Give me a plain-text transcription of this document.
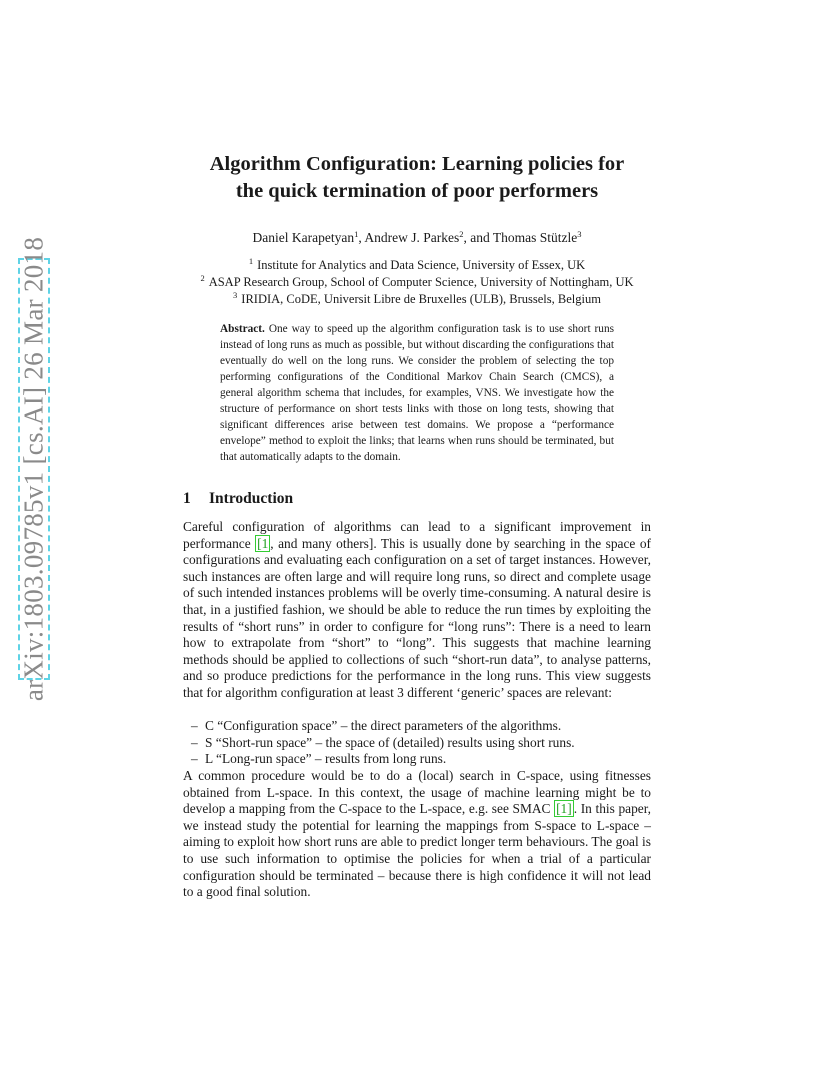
arXiv:1803.09785v1 [cs.AI] 26 Mar 2018
Algorithm Configuration: Learning policies for
the quick termination of poor performers
Daniel Karapetyan$^1$, Andrew J. Parkes$^2$, and Thomas Stützle$^3$
$^1$ Institute for Analytics and Data Science, University of Essex, UK
$^2$ ASAP Research Group, School of Computer Science, University of Nottingham, UK
$^3$ IRIDIA, CoDE, Universit Libre de Bruxelles (ULB), Brussels, Belgium
Abstract. One way to speed up the algorithm configuration task is to use short runs instead of long runs as much as possible, but without discarding the configurations that eventually do well on the long runs. We consider the problem of selecting the top performing configurations of the Conditional Markov Chain Search (CMCS), a general algorithm schema that includes, for examples, VNS. We investigate how the structure of performance on short tests links with those on long tests, showing that significant differences arise between test domains. We propose a “performance envelope” method to exploit the links; that learns when runs should be terminated, but that automatically adapts to the domain.
1 Introduction
Careful configuration of algorithms can lead to a significant improvement in performance [1 , and many others]. This is usually done by searching in the space of configurations and evaluating each configuration on a set of target instances. However, such instances are often large and will require long runs, so direct and complete usage of such intended instances problems will be overly time-consuming. A natural desire is that, in a justified fashion, we should be able to reduce the run times by exploiting the results of “short runs” in order to configure for “long runs”: There is a need to learn how to extrapolate from “short” to “long”. This suggests that machine learning methods should be applied to collections of such “short-run data”, to analyse patterns, and so produce predictions for the performance in the long runs. This view suggests that for algorithm configuration at least 3 different ‘generic’ spaces are relevant:
– C “Configuration space” – the direct parameters of the algorithms.
– S “Short-run space” – the space of (detailed) results using short runs.
– L “Long-run space” – results from long runs.
A common procedure would be to do a (local) search in C-space, using fitnesses obtained from L-space. In this context, the usage of machine learning might be to develop a mapping from the C-space to the L-space, e.g. see SMAC [1] . In this paper, we instead study the potential for learning the mappings from S-space to L-space – aiming to exploit how short runs are able to predict longer term behaviours. The goal is to use such information to optimise the policies for when a trial of a particular configuration should be terminated – because there is high confidence it will not lead to a good final solution.
